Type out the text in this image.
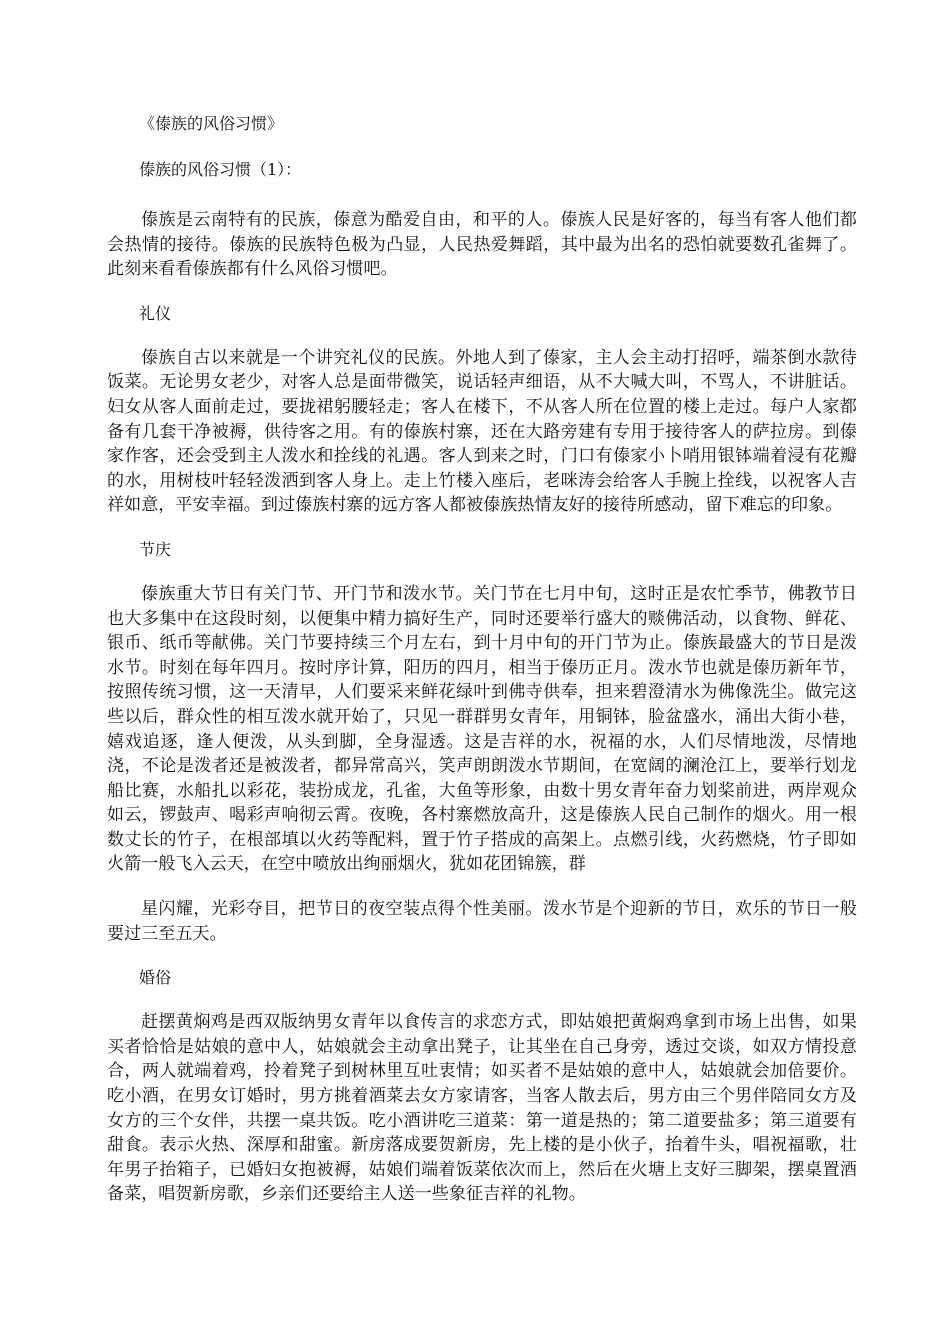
《傣族的风俗习惯》

傣族的风俗习惯（1）：

傣族是云南特有的民族，傣意为酷爱自由，和平的人。傣族人民是好客的，每当有客人他们都会热情的接待。傣族的民族特色极为凸显，人民热爱舞蹈，其中最为出名的恐怕就要数孔雀舞了。此刻来看看傣族都有什么风俗习惯吧。

礼仪

傣族自古以来就是一个讲究礼仪的民族。外地人到了傣家，主人会主动打招呼，端茶倒水款待饭菜。无论男女老少，对客人总是面带微笑，说话轻声细语，从不大喊大叫，不骂人，不讲脏话。妇女从客人面前走过，要拢裙躬腰轻走；客人在楼下，不从客人所在位置的楼上走过。每户人家都备有几套干净被褥，供待客之用。有的傣族村寨，还在大路旁建有专用于接待客人的萨拉房。到傣家作客，还会受到主人泼水和拴线的礼遇。客人到来之时，门口有傣家小卜哨用银钵端着浸有花瓣的水，用树枝叶轻轻泼洒到客人身上。走上竹楼入座后，老咪涛会给客人手腕上拴线，以祝客人吉祥如意，平安幸福。到过傣族村寨的远方客人都被傣族热情友好的接待所感动，留下难忘的印象。

节庆

傣族重大节日有关门节、开门节和泼水节。关门节在七月中旬，这时正是农忙季节，佛教节日也大多集中在这段时刻，以便集中精力搞好生产，同时还要举行盛大的赕佛活动，以食物、鲜花、银币、纸币等献佛。关门节要持续三个月左右，到十月中旬的开门节为止。傣族最盛大的节日是泼水节。时刻在每年四月。按时序计算，阳历的四月，相当于傣历正月。泼水节也就是傣历新年节，按照传统习惯，这一天清早，人们要采来鲜花绿叶到佛寺供奉，担来碧澄清水为佛像洗尘。做完这些以后，群众性的相互泼水就开始了，只见一群群男女青年，用铜钵，脸盆盛水，涌出大街小巷，嬉戏追逐，逢人便泼，从头到脚，全身湿透。这是吉祥的水，祝福的水，人们尽情地泼，尽情地浇，不论是泼者还是被泼者，都异常高兴，笑声朗朗泼水节期间，在宽阔的澜沧江上，要举行划龙船比赛，水船扎以彩花，装扮成龙，孔雀，大鱼等形象，由数十男女青年奋力划桨前进，两岸观众如云，锣鼓声、喝彩声响彻云霄。夜晚，各村寨燃放高升，这是傣族人民自己制作的烟火。用一根数丈长的竹子，在根部填以火药等配料，置于竹子搭成的高架上。点燃引线，火药燃烧，竹子即如火箭一般飞入云天，在空中喷放出绚丽烟火，犹如花团锦簇，群

星闪耀，光彩夺目，把节日的夜空装点得个性美丽。泼水节是个迎新的节日，欢乐的节日一般要过三至五天。

婚俗

赶摆黄焖鸡是西双版纳男女青年以食传言的求恋方式，即姑娘把黄焖鸡拿到市场上出售，如果买者恰恰是姑娘的意中人，姑娘就会主动拿出凳子，让其坐在自己身旁，透过交谈，如双方情投意合，两人就端着鸡，拎着凳子到树林里互吐衷情；如买者不是姑娘的意中人，姑娘就会加倍要价。吃小酒，在男女订婚时，男方挑着酒菜去女方家请客，当客人散去后，男方由三个男伴陪同女方及女方的三个女伴，共摆一桌共饭。吃小酒讲吃三道菜：第一道是热的；第二道要盐多；第三道要有甜食。表示火热、深厚和甜蜜。新房落成要贺新房，先上楼的是小伙子，抬着牛头，唱祝福歌，壮年男子抬箱子，已婚妇女抱被褥，姑娘们端着饭菜依次而上，然后在火塘上支好三脚架，摆桌置酒备菜，唱贺新房歌，乡亲们还要给主人送一些象征吉祥的礼物。
